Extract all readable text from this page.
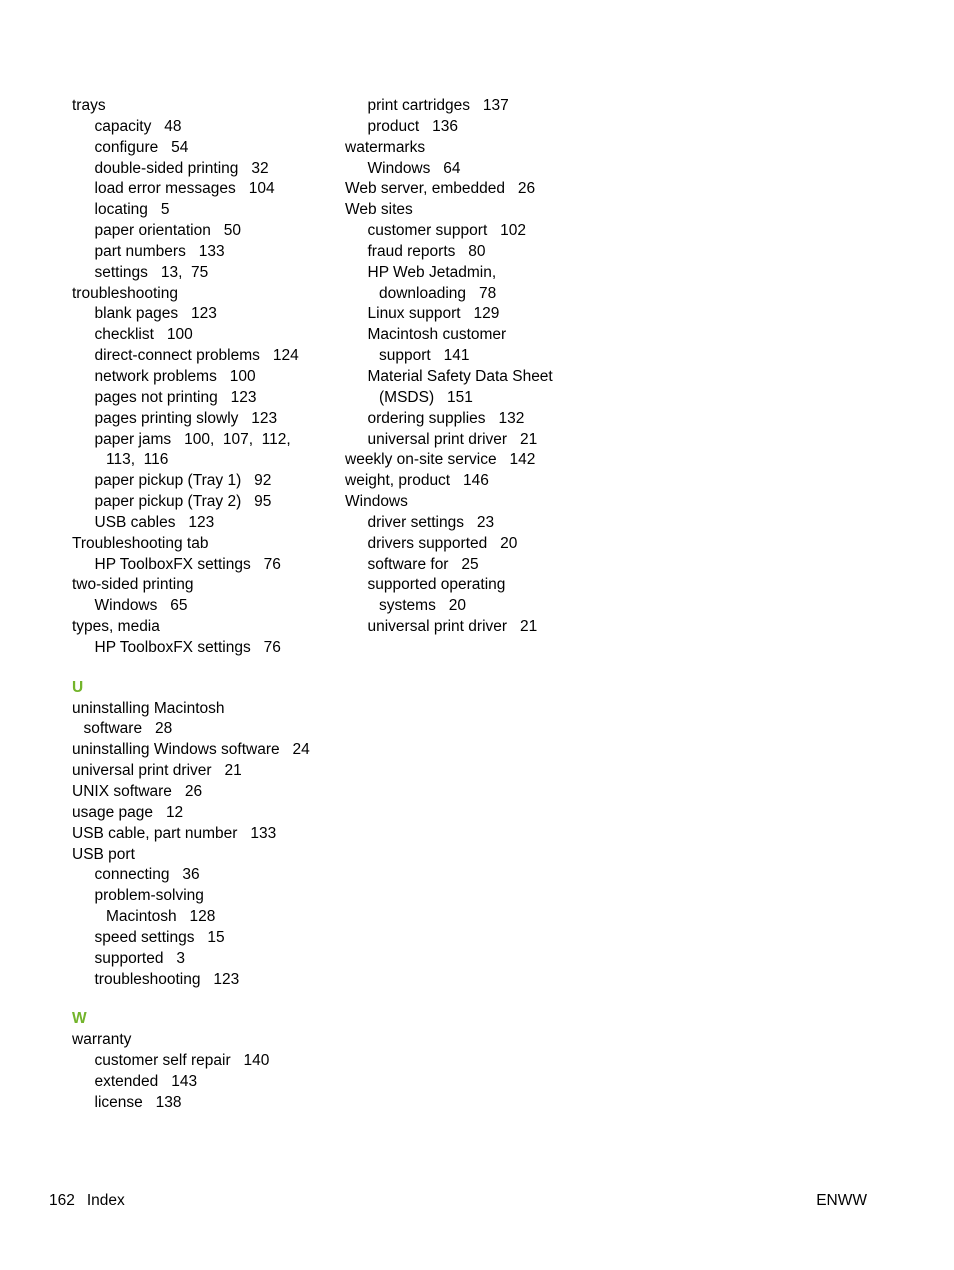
trays
capacity   48
configure   54
double-sided printing   32
load error messages   104
locating   5
paper orientation   50
part numbers   133
settings   13,  75
troubleshooting
blank pages   123
checklist   100
direct-connect problems   124
network problems   100
pages not printing   123
pages printing slowly   123
paper jams   100,  107,  112,
113,  116
paper pickup (Tray 1)   92
paper pickup (Tray 2)   95
USB cables   123
Troubleshooting tab
HP ToolboxFX settings   76
two-sided printing
Windows   65
types, media
HP ToolboxFX settings   76
U
uninstalling Macintosh
software   28
uninstalling Windows software   24
universal print driver   21
UNIX software   26
usage page   12
USB cable, part number   133
USB port
connecting   36
problem-solving
Macintosh   128
speed settings   15
supported   3
troubleshooting   123
W
warranty
customer self repair   140
extended   143
license   138
print cartridges   137
product   136
watermarks
Windows   64
Web server, embedded   26
Web sites
customer support   102
fraud reports   80
HP Web Jetadmin,
downloading   78
Linux support   129
Macintosh customer
support   141
Material Safety Data Sheet
(MSDS)   151
ordering supplies   132
universal print driver   21
weekly on-site service   142
weight, product   146
Windows
driver settings   23
drivers supported   20
software for   25
supported operating
systems   20
universal print driver   21
162 Index	ENWW
